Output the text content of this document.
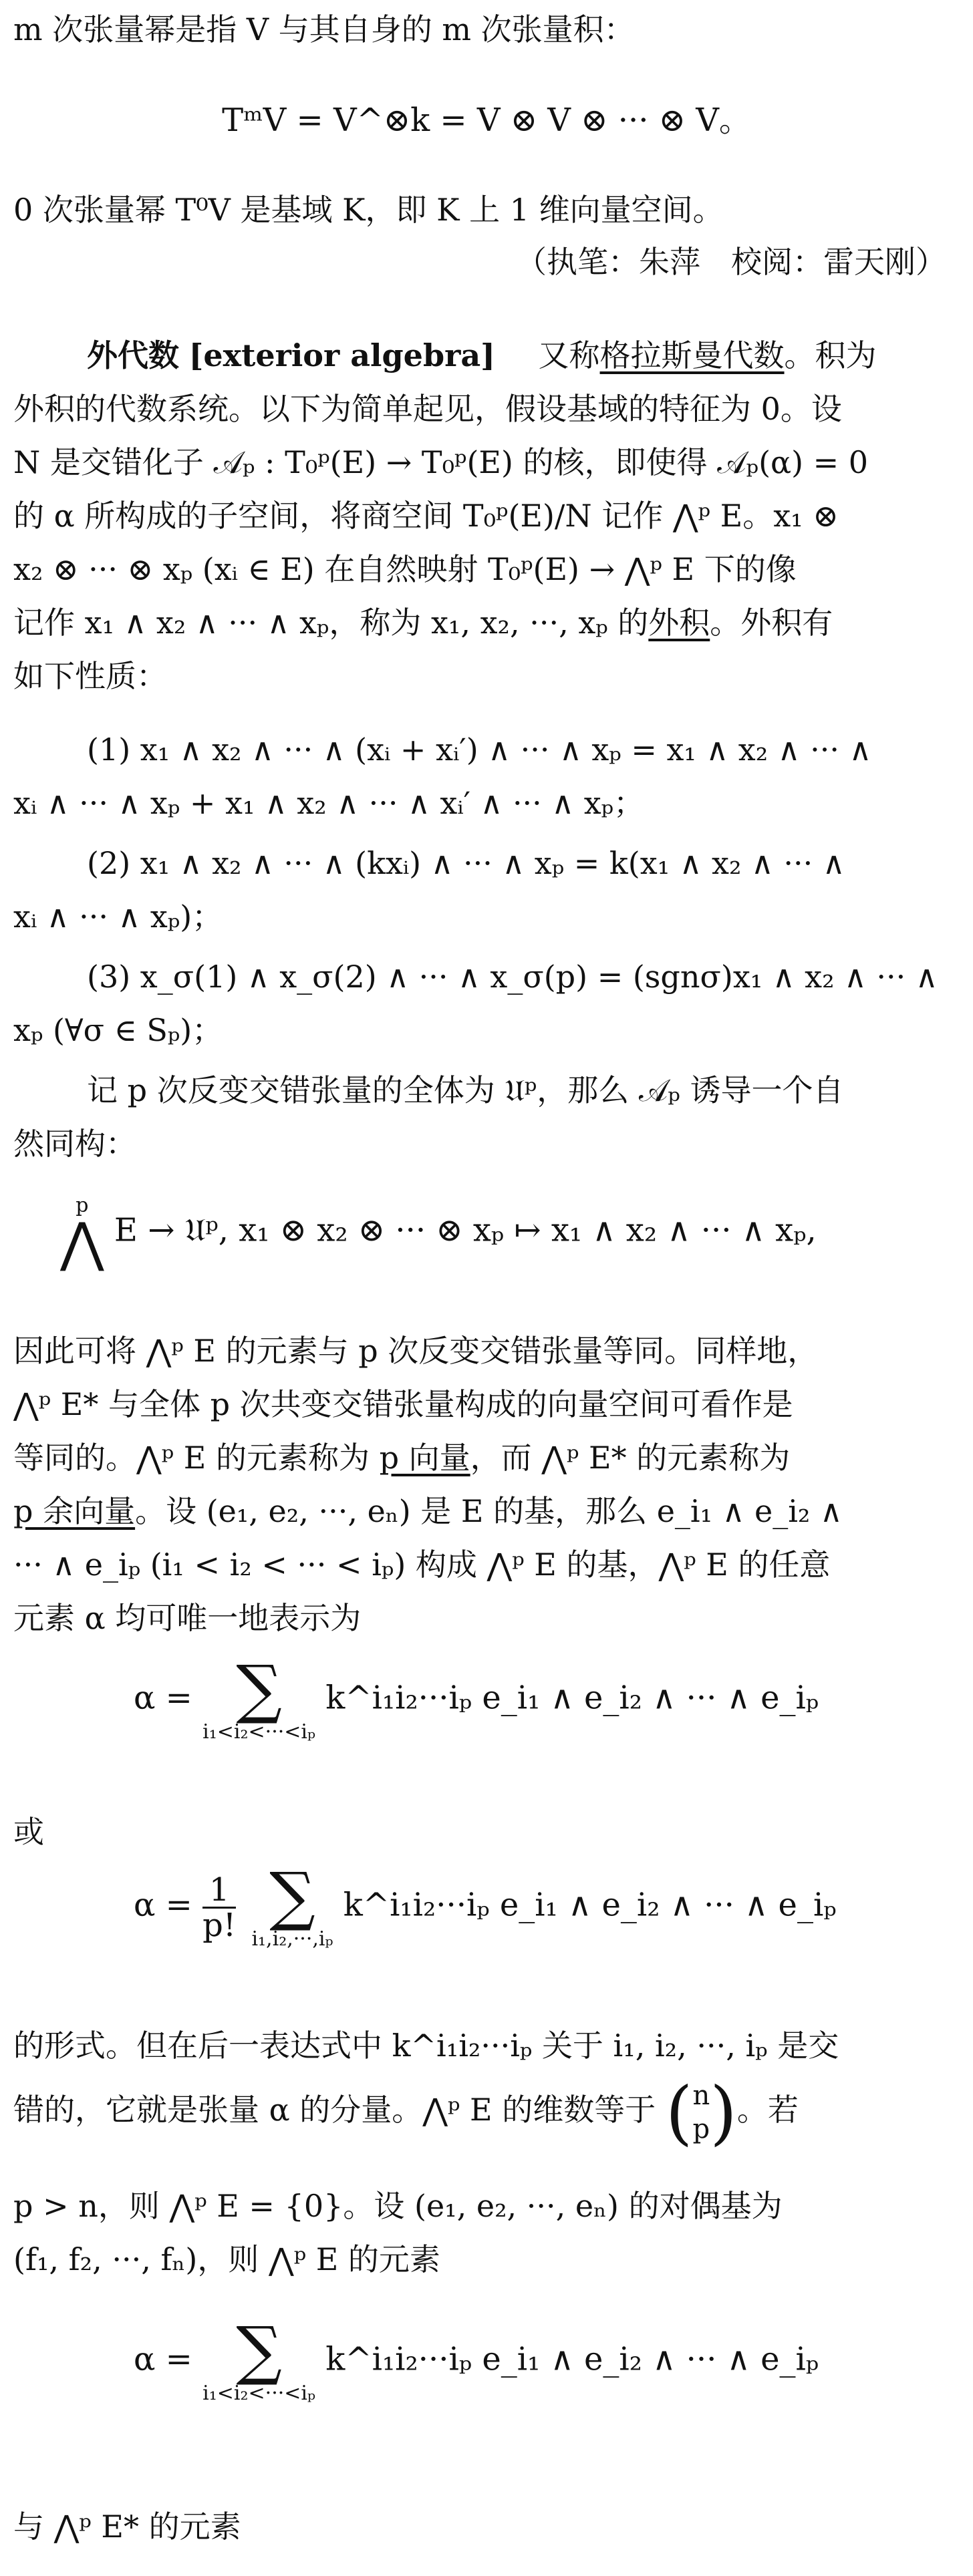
m 次张量幂是指 V 与其自身的 m 次张量积：
TᵐV = V^⊗k = V ⊗ V ⊗ ··· ⊗ V。
0 次张量幂 T⁰V 是基域 K，即 K 上 1 维向量空间。
（执笔：朱萍　校阅：雷天刚）
外代数 [exterior algebra] 又称格拉斯曼代数。积为
外积的代数系统。以下为简单起见，假设基域的特征为 0。设
N 是交错化子 𝒜ₚ : T₀ᵖ(E) → T₀ᵖ(E) 的核，即使得 𝒜ₚ(α) = 0
的 α 所构成的子空间，将商空间 T₀ᵖ(E)/N 记作 ⋀ᵖ E。x₁ ⊗
x₂ ⊗ ··· ⊗ xₚ (xᵢ ∈ E) 在自然映射 T₀ᵖ(E) → ⋀ᵖ E 下的像
记作 x₁ ∧ x₂ ∧ ··· ∧ xₚ，称为 x₁, x₂, ···, xₚ 的外积。外积有
如下性质：
(1) x₁ ∧ x₂ ∧ ··· ∧ (xᵢ + xᵢ′) ∧ ··· ∧ xₚ = x₁ ∧ x₂ ∧ ··· ∧
xᵢ ∧ ··· ∧ xₚ + x₁ ∧ x₂ ∧ ··· ∧ xᵢ′ ∧ ··· ∧ xₚ；
(2) x₁ ∧ x₂ ∧ ··· ∧ (kxᵢ) ∧ ··· ∧ xₚ = k(x₁ ∧ x₂ ∧ ··· ∧
xᵢ ∧ ··· ∧ xₚ)；
(3) x_σ(1) ∧ x_σ(2) ∧ ··· ∧ x_σ(p) = (sgnσ)x₁ ∧ x₂ ∧ ··· ∧
xₚ (∀σ ∈ Sₚ)；
记 p 次反变交错张量的全体为 𝔘ᵖ，那么 𝒜ₚ 诱导一个自
然同构：
p
⋀ E → 𝔘ᵖ, x₁ ⊗ x₂ ⊗ ··· ⊗ xₚ ↦ x₁ ∧ x₂ ∧ ··· ∧ xₚ,
因此可将 ⋀ᵖ E 的元素与 p 次反变交错张量等同。同样地，
⋀ᵖ E* 与全体 p 次共变交错张量构成的向量空间可看作是
等同的。⋀ᵖ E 的元素称为 p 向量，而 ⋀ᵖ E* 的元素称为
p 余向量。设 (e₁, e₂, ···, eₙ) 是 E 的基，那么 e_i₁ ∧ e_i₂ ∧
··· ∧ e_iₚ (i₁ < i₂ < ··· < iₚ) 构成 ⋀ᵖ E 的基，⋀ᵖ E 的任意
元素 α 均可唯一地表示为
α = ∑
i₁<i₂<···<iₚ
k^i₁i₂···iₚ e_i₁ ∧ e_i₂ ∧ ··· ∧ e_iₚ
或
$\alpha = \frac{1}{p!}$
∑
i₁,i₂,···,iₚ
k^i₁i₂···iₚ e_i₁ ∧ e_i₂ ∧ ··· ∧ e_iₚ
的形式。但在后一表达式中 k^i₁i₂···iₚ 关于 i₁, i₂, ···, iₚ 是交
错的，它就是张量 α 的分量。⋀ᵖ E 的维数等于 ( n
p )。若
p > n，则 ⋀ᵖ E = {0}。设 (e₁, e₂, ···, eₙ) 的对偶基为
(f₁, f₂, ···, fₙ)，则 ⋀ᵖ E 的元素
α = ∑
i₁<i₂<···<iₚ
k^i₁i₂···iₚ e_i₁ ∧ e_i₂ ∧ ··· ∧ e_iₚ
与 ⋀ᵖ E* 的元素
